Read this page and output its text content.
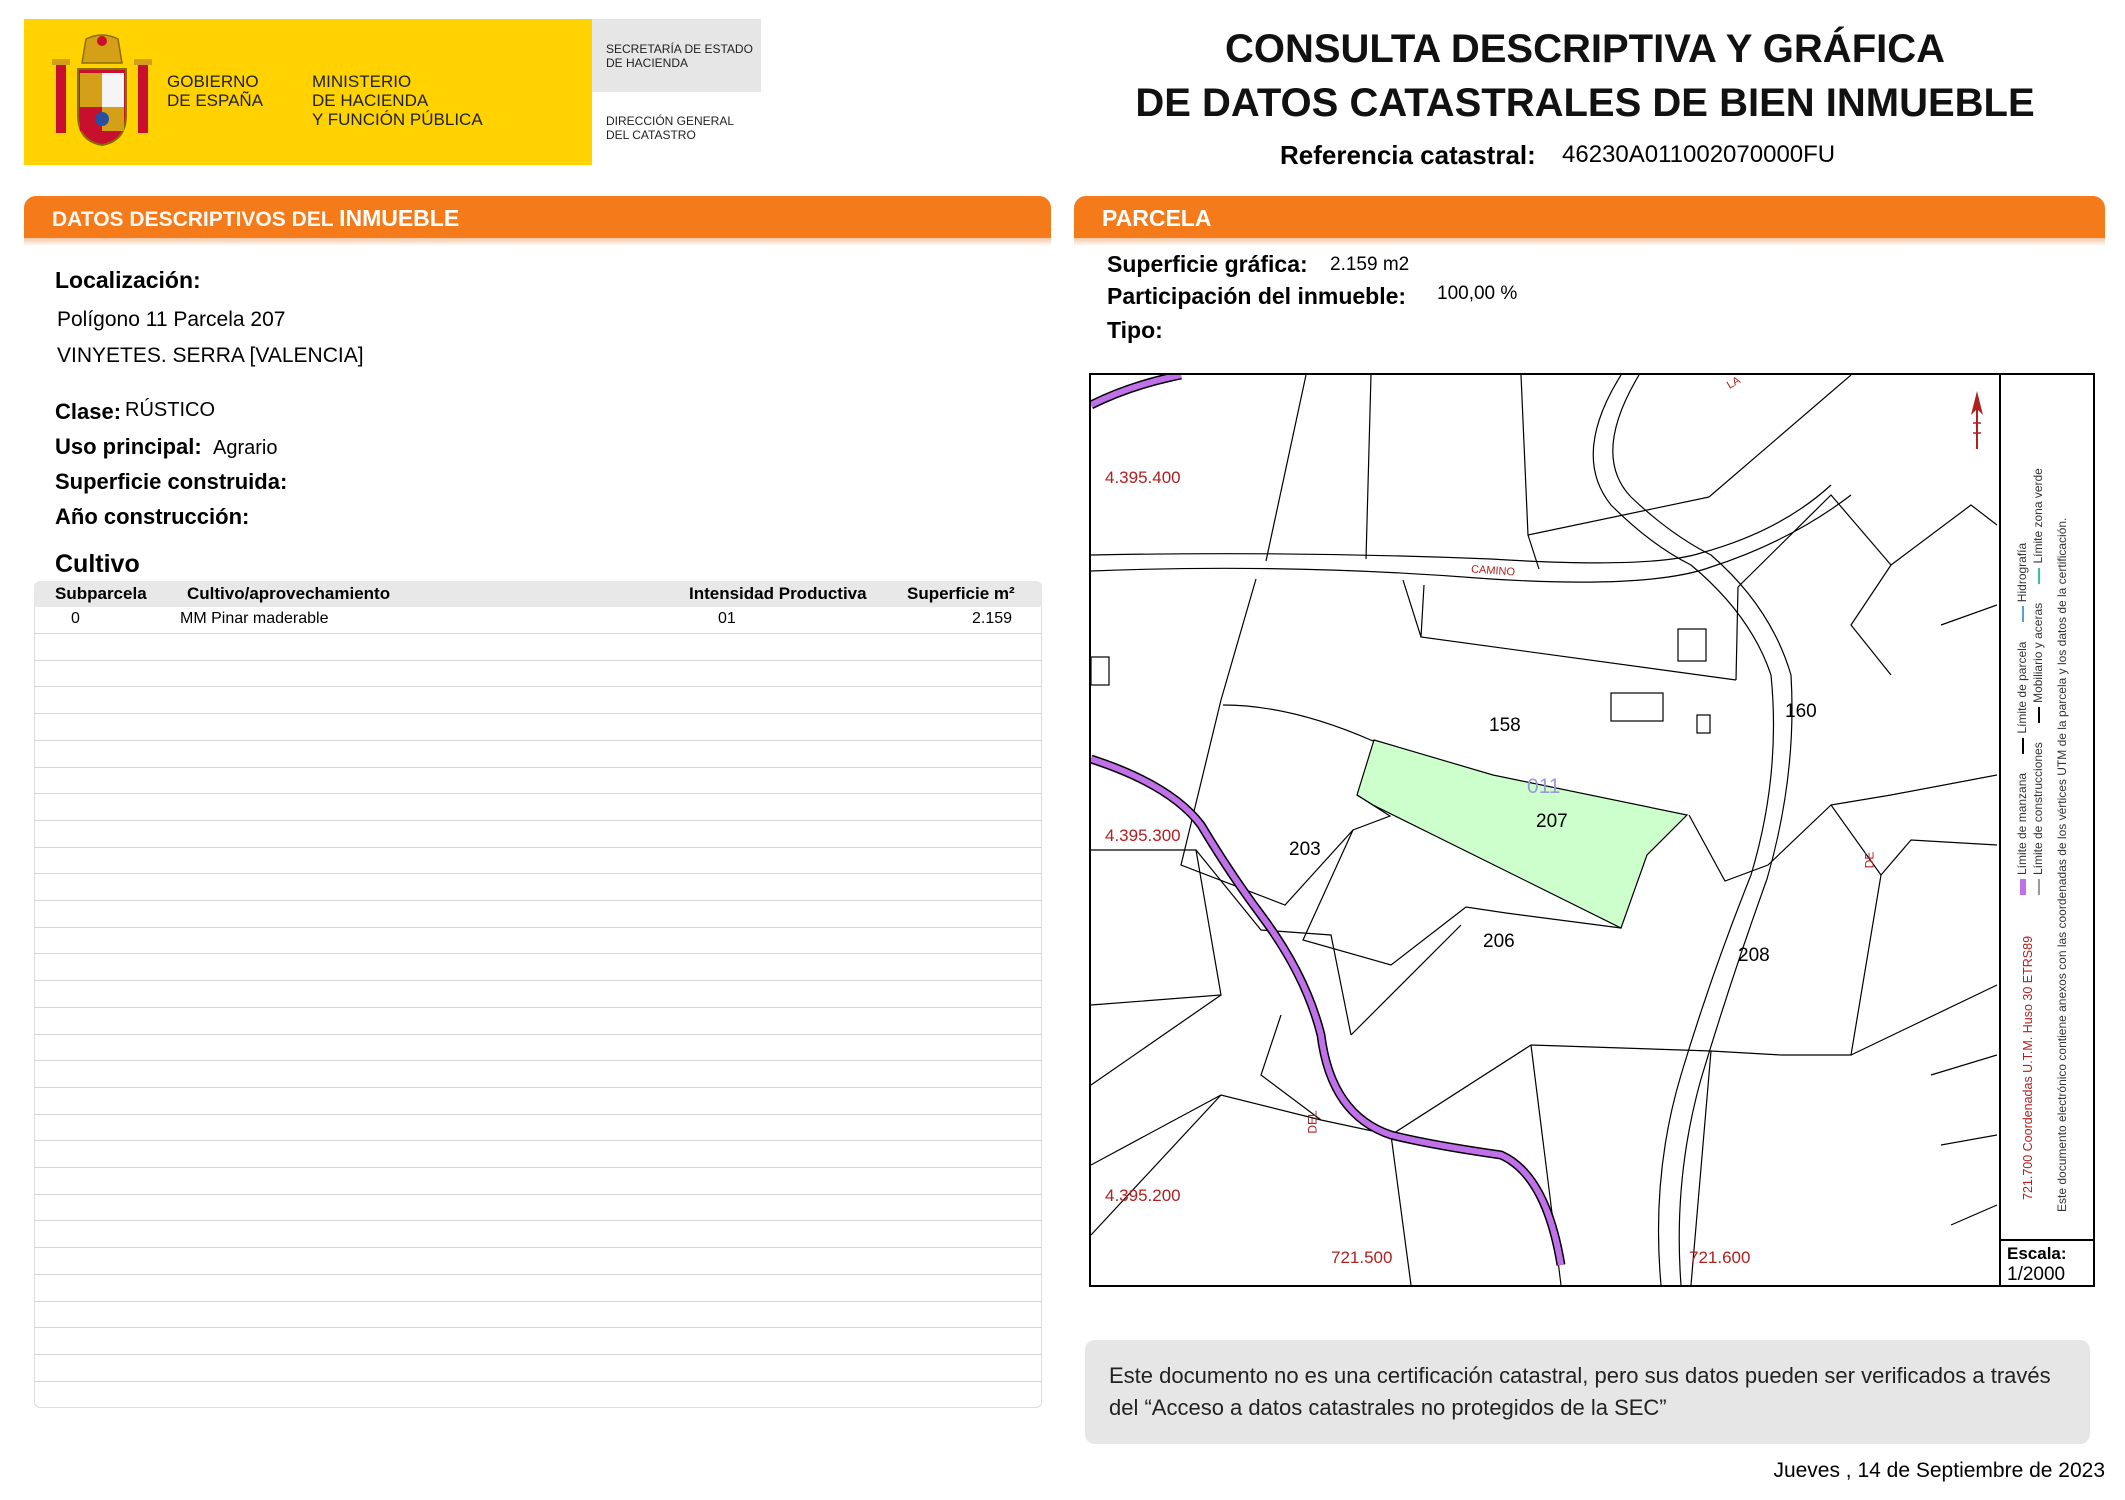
GOBIERNO
DE ESPAÑA
MINISTERIO
DE HACIENDA
Y FUNCIÓN PÚBLICA
SECRETARÍA DE ESTADO DE HACIENDA
DIRECCIÓN GENERAL DEL CATASTRO
CONSULTA DESCRIPTIVA Y GRÁFICA
DE DATOS CATASTRALES DE BIEN INMUEBLE
Referencia catastral: 46230A011002070000FU
DATOS DESCRIPTIVOS DEL INMUEBLE
Localización:
Polígono 11 Parcela 207
VINYETES. SERRA [VALENCIA]
Clase: RÚSTICO
Uso principal: Agrario
Superficie construida:
Año construcción:
Cultivo
Subparcela Cultivo/aprovechamiento	Intensidad Productiva Superficie m²
0	MM Pinar maderable	01	2.159
PARCELA
Superficie gráfica: 2.159 m2
Participación del inmueble: 100,00 %
Tipo:
158
160
203
207
206
208
011
4.395.400
4.395.300
4.395.200
721.500	721.600
CAMINO
DEL
DE
LA
Límite de manzana Límite de parcela Hidrografía
Límite de construcciones Mobiliario y aceras Límite zona verde
721.700 Coordenadas U.T.M. Huso 30 ETRS89 Este documento electrónico contiene anexos con las coordenadas de los vértices UTM de la parcela y los datos de la certificación.
Escala:
1/2000
Este documento no es una certificación catastral, pero sus datos pueden ser verificados a través del “Acceso a datos catastrales no protegidos de la SEC”
Jueves , 14 de Septiembre de 2023
